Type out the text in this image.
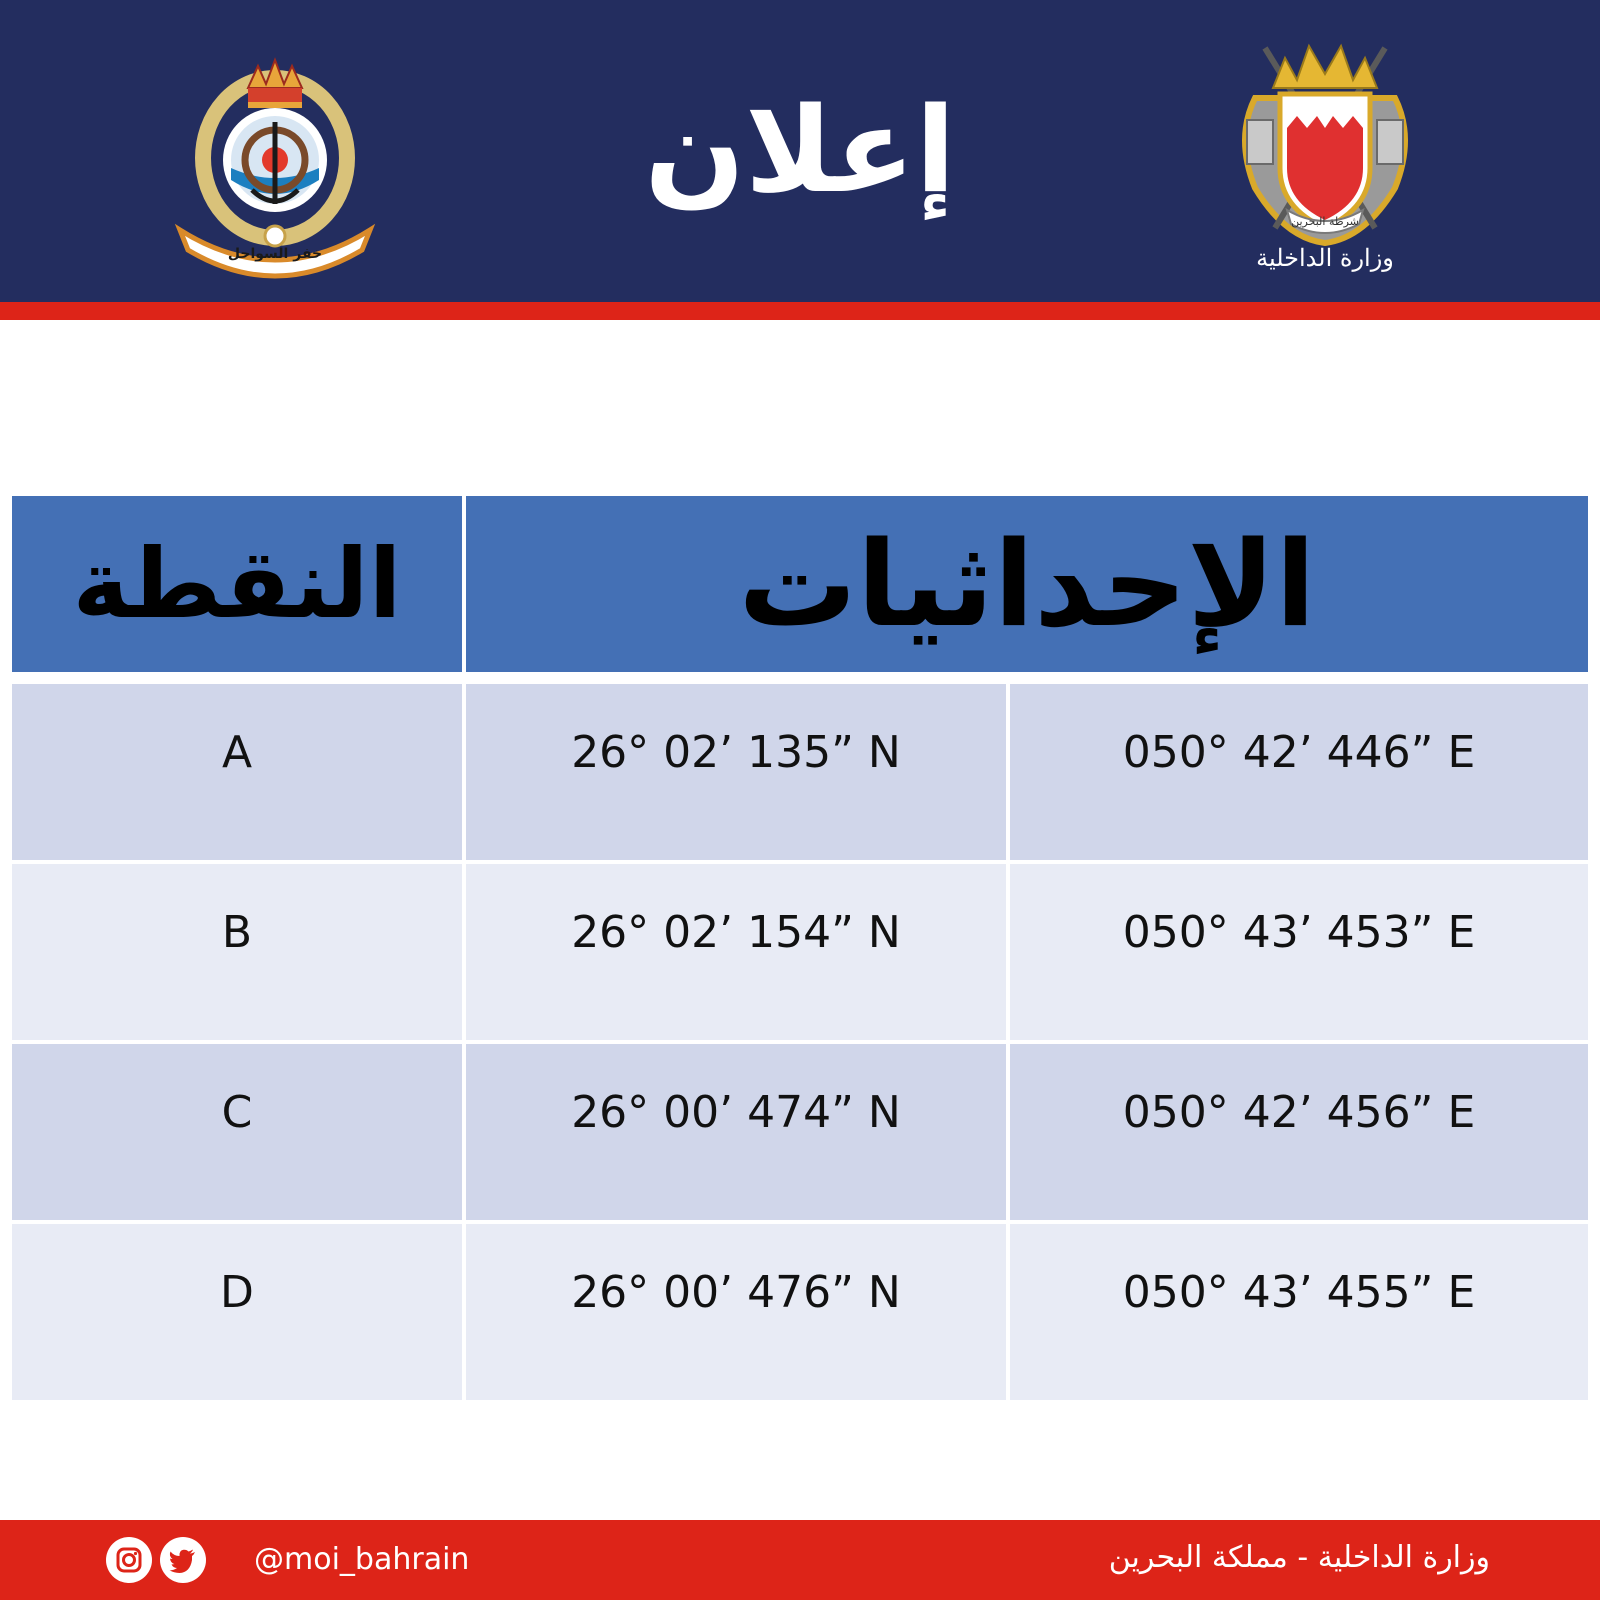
خفر السواحل
إعلان
شرطة البحرين
وزارة الداخلية
الإحداثيات
النقطة
A	26° 02’ 135” N	050° 42’ 446” E
B	26° 02’ 154” N	050° 43’ 453” E
C	26° 00’ 474” N	050° 42’ 456” E
D	26° 00’ 476” N	050° 43’ 455” E
@moi_bahrain	وزارة الداخلية - مملكة البحرين
